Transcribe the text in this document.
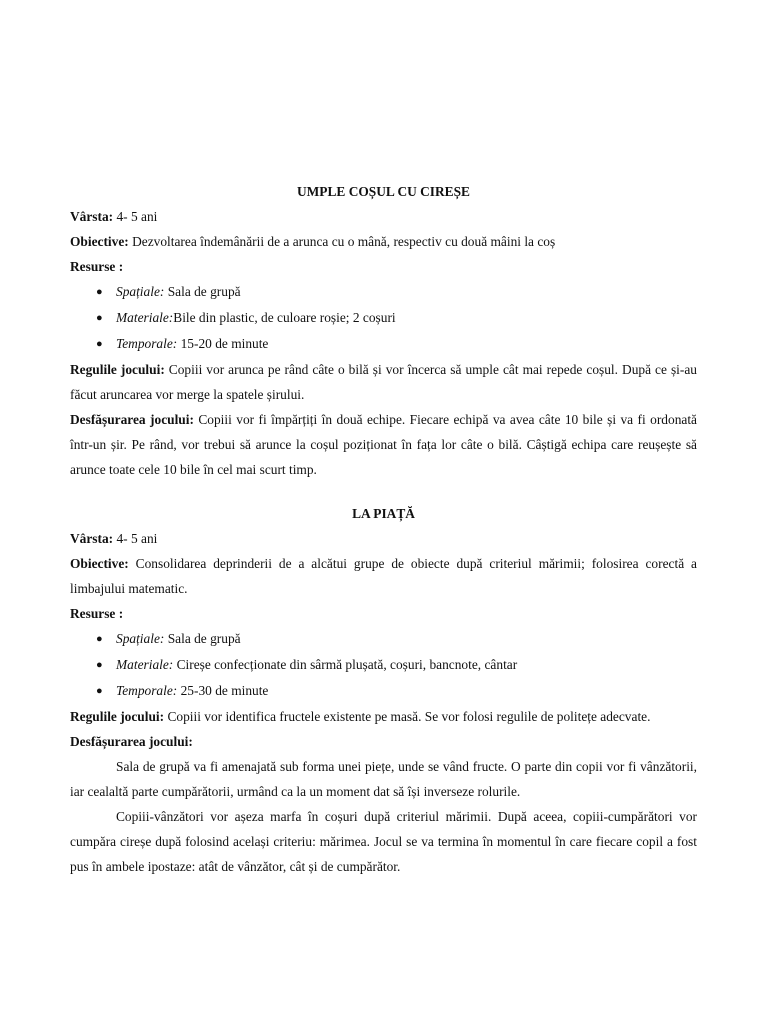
UMPLE COȘUL CU CIREȘE
Vârsta: 4- 5 ani
Obiective: Dezvoltarea îndemânării de a arunca cu o mână, respectiv cu două mâini la coș
Resurse :
● Spațiale: Sala de grupă
● Materiale:Bile din plastic, de culoare roșie; 2 coșuri
● Temporale: 15-20 de minute
Regulile jocului: Copiii vor arunca pe rând câte o bilă și vor încerca să umple cât mai repede coșul. După ce și-au făcut aruncarea vor merge la spatele șirului.
Desfășurarea jocului: Copiii vor fi împărțiți în două echipe. Fiecare echipă va avea câte 10 bile și va fi ordonată într-un șir. Pe rând, vor trebui să arunce la coșul poziționat în fața lor câte o bilă. Câștigă echipa care reușește să arunce toate cele 10 bile în cel mai scurt timp.
LA PIAȚĂ
Vârsta: 4- 5 ani
Obiective: Consolidarea deprinderii de a alcătui grupe de obiecte după criteriul mărimii; folosirea corectă a limbajului matematic.
Resurse :
● Spațiale: Sala de grupă
● Materiale: Cireșe confecționate din sârmă plușată, coșuri, bancnote, cântar
● Temporale: 25-30 de minute
Regulile jocului: Copiii vor identifica fructele existente pe masă. Se vor folosi regulile de politețe adecvate.
Desfășurarea jocului:
Sala de grupă va fi amenajată sub forma unei piețe, unde se vând fructe. O parte din copii vor fi vânzătorii, iar cealaltă parte cumpărătorii, urmând ca la un moment dat să își inverseze rolurile.
Copiii-vânzători vor așeza marfa în coșuri după criteriul mărimii. După aceea, copiii-cumpărători vor cumpăra cireșe după folosind același criteriu: mărimea. Jocul se va termina în momentul în care fiecare copil a fost pus în ambele ipostaze: atât de vânzător, cât și de cumpărător.
